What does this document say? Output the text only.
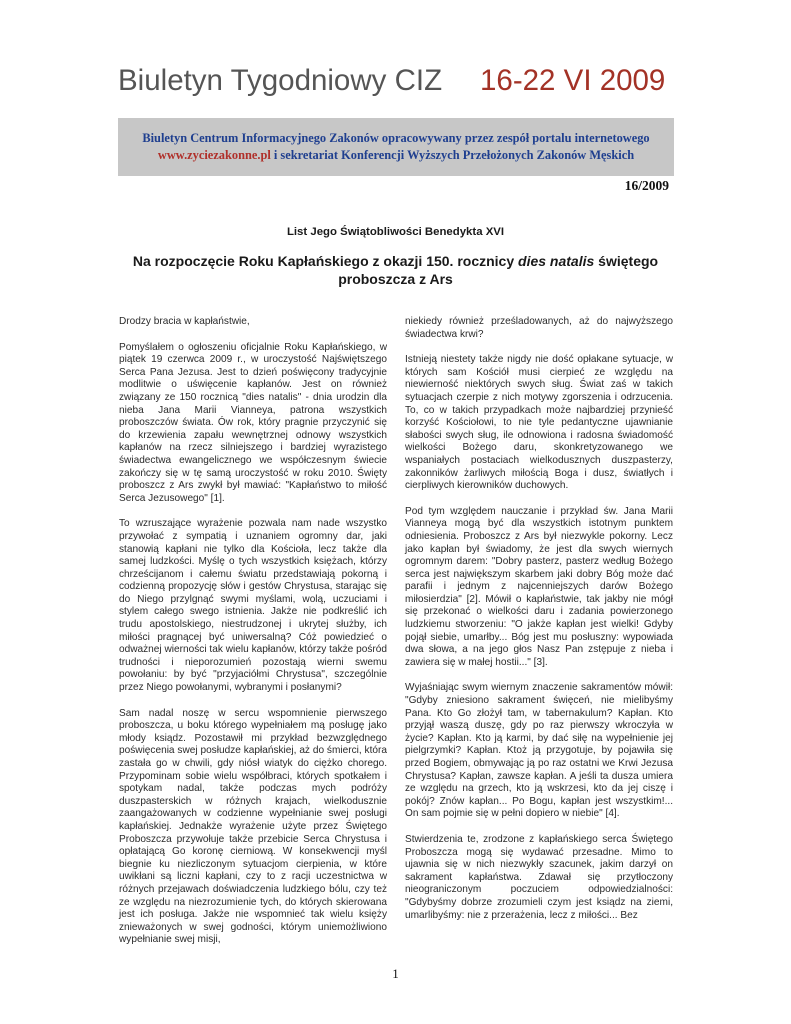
Biuletyn Tygodniowy CIZ 16-22 VI 2009
Biuletyn Centrum Informacyjnego Zakonów opracowywany przez zespół portalu internetowego
www.zyciezakonne.pl i sekretariat Konferencji Wyższych Przełożonych Zakonów Męskich
16/2009
List Jego Świątobliwości Benedykta XVI
Na rozpoczęcie Roku Kapłańskiego z okazji 150. rocznicy dies natalis świętego proboszcza z Ars

Drodzy bracia w kapłaństwie,

Pomyślałem o ogłoszeniu oficjalnie Roku Kapłańskiego, w piątek 19 czerwca 2009 r., w uroczystość Najświętszego Serca Pana Jezusa. Jest to dzień poświęcony tradycyjnie modlitwie o uświęcenie kapłanów. Jest on również związany ze 150 rocznicą "dies natalis" - dnia urodzin dla nieba Jana Marii Vianneya, patrona wszystkich proboszczów świata. Ów rok, który pragnie przyczynić się do krzewienia zapału wewnętrznej odnowy wszystkich kapłanów na rzecz silniejszego i bardziej wyrazistego świadectwa ewangelicznego we współczesnym świecie zakończy się w tę samą uroczystość w roku 2010. Święty proboszcz z Ars zwykł był mawiać: "Kapłaństwo to miłość Serca Jezusowego" [1].

To wzruszające wyrażenie pozwala nam nade wszystko przywołać z sympatią i uznaniem ogromny dar, jaki stanowią kapłani nie tylko dla Kościoła, lecz także dla samej ludzkości. Myślę o tych wszystkich księżach, którzy chrześcijanom i całemu światu przedstawiają pokorną i codzienną propozycję słów i gestów Chrystusa, starając się do Niego przylgnąć swymi myślami, wolą, uczuciami i stylem całego swego istnienia. Jakże nie podkreślić ich trudu apostolskiego, niestrudzonej i ukrytej służby, ich miłości pragnącej być uniwersalną? Cóż powiedzieć o odważnej wierności tak wielu kapłanów, którzy także pośród trudności i nieporozumień pozostają wierni swemu powołaniu: by być "przyjaciółmi Chrystusa", szczególnie przez Niego powołanymi, wybranymi i posłanymi?

Sam nadal noszę w sercu wspomnienie pierwszego proboszcza, u boku którego wypełniałem mą posługę jako młody ksiądz. Pozostawił mi przykład bezwzględnego poświęcenia swej posłudze kapłańskiej, aż do śmierci, która zastała go w chwili, gdy niósł wiatyk do ciężko chorego. Przypominam sobie wielu współbraci, których spotkałem i spotykam nadal, także podczas mych podróży duszpasterskich w różnych krajach, wielkodusznie zaangażowanych w codzienne wypełnianie swej posługi kapłańskiej. Jednakże wyrażenie użyte przez Świętego Proboszcza przywołuje także przebicie Serca Chrystusa i opłatającą Go koronę cierniową. W konsekwencji myśl biegnie ku niezliczonym sytuacjom cierpienia, w które uwikłani są liczni kapłani, czy to z racji uczestnictwa w różnych przejawach doświadczenia ludzkiego bólu, czy też ze względu na niezrozumienie tych, do których skierowana jest ich posługa. Jakże nie wspomnieć tak wielu księży znieważonych w swej godności, którym uniemożliwiono wypełnianie swej misji,

niekiedy również prześladowanych, aż do najwyższego świadectwa krwi?

Istnieją niestety także nigdy nie dość opłakane sytuacje, w których sam Kościół musi cierpieć ze względu na niewierność niektórych swych sług. Świat zaś w takich sytuacjach czerpie z nich motywy zgorszenia i odrzucenia. To, co w takich przypadkach może najbardziej przynieść korzyść Kościołowi, to nie tyle pedantyczne ujawnianie słabości swych sług, ile odnowiona i radosna świadomość wielkości Bożego daru, skonkretyzowanego we wspaniałych postaciach wielkodusznych duszpasterzy, zakonników żarliwych miłością Boga i dusz, światłych i cierpliwych kierowników duchowych.

Pod tym względem nauczanie i przykład św. Jana Marii Vianneya mogą być dla wszystkich istotnym punktem odniesienia. Proboszcz z Ars był niezwykle pokorny. Lecz jako kapłan był świadomy, że jest dla swych wiernych ogromnym darem: "Dobry pasterz, pasterz według Bożego serca jest największym skarbem jaki dobry Bóg może dać parafii i jednym z najcenniejszych darów Bożego miłosierdzia" [2]. Mówił o kapłaństwie, tak jakby nie mógł się przekonać o wielkości daru i zadania powierzonego ludzkiemu stworzeniu: "O jakże kapłan jest wielki! Gdyby pojął siebie, umarłby... Bóg jest mu posłuszny: wypowiada dwa słowa, a na jego głos Nasz Pan zstępuje z nieba i zawiera się w małej hostii..." [3].

Wyjaśniając swym wiernym znaczenie sakramentów mówił: "Gdyby zniesiono sakrament święceń, nie mielibyśmy Pana. Kto Go złożył tam, w tabernakulum? Kapłan. Kto przyjął waszą duszę, gdy po raz pierwszy wkroczyła w życie? Kapłan. Kto ją karmi, by dać siłę na wypełnienie jej pielgrzymki? Kapłan. Ktoż ją przygotuje, by pojawiła się przed Bogiem, obmywając ją po raz ostatni we Krwi Jezusa Chrystusa? Kapłan, zawsze kapłan. A jeśli ta dusza umiera ze względu na grzech, kto ją wskrzesi, kto da jej ciszę i pokój? Znów kapłan... Po Bogu, kapłan jest wszystkim!... On sam pojmie się w pełni dopiero w niebie" [4].

Stwierdzenia te, zrodzone z kapłańskiego serca Świętego Proboszcza mogą się wydawać przesadne. Mimo to ujawnia się w nich niezwykły szacunek, jakim darzył on sakrament kapłaństwa. Zdawał się przytłoczony nieograniczonym poczuciem odpowiedzialności: "Gdybyśmy dobrze zrozumieli czym jest ksiądz na ziemi, umarlibyśmy: nie z przerażenia, lecz z miłości... Bez

1
